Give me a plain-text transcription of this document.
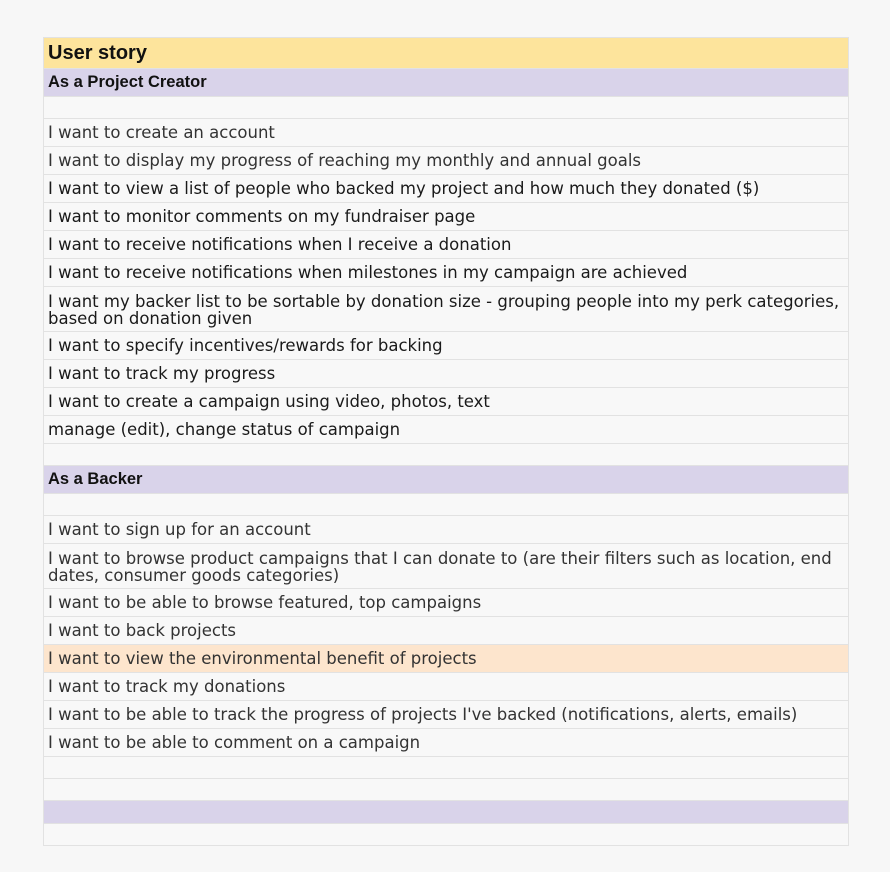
User story
As a Project Creator
I want to create an account
I want to display my progress of reaching my monthly and annual goals
I want to view a list of people who backed my project and how much they donated ($)
I want to monitor comments on my fundraiser page
I want to receive notifications when I receive a donation
I want to receive notifications when milestones in my campaign are achieved
I want my backer list to be sortable by donation size - grouping people into my perk categories, based on donation given
I want to specify incentives/rewards for backing
I want to track my progress
I want to create a campaign using video, photos, text
manage (edit), change status of campaign
As a Backer
I want to sign up for an account
I want to browse product campaigns that I can donate to (are their filters such as location, end dates, consumer goods categories)
I want to be able to browse featured, top campaigns
I want to back projects
I want to view the environmental benefit of projects
I want to track my donations
I want to be able to track the progress of projects I've backed (notifications, alerts, emails)
I want to be able to comment on a campaign
